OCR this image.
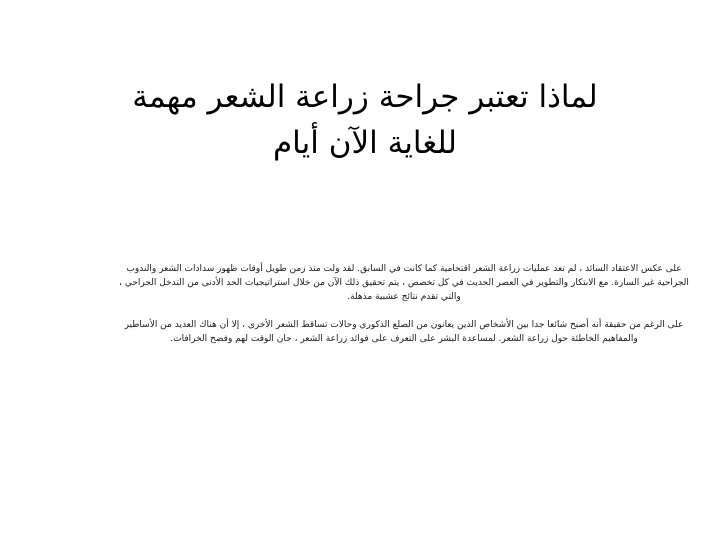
لماذا تعتبر جراحة زراعة الشعر مهمة
للغاية الآن أيام

على عكس الاعتقاد السائد ، لم تعد عمليات زراعة الشعر اقتحامية كما كانت في السابق. لقد ولت منذ زمن طويل أوقات ظهور سدادات الشعر والندوب الجراحية غير السارة. مع الابتكار والتطوير في العصر الحديث في كل تخصص ، يتم تحقيق ذلك الآن من خلال استراتيجيات الحد الأدنى من التدخل الجراحي ، والتي تقدم نتائج عشبية مذهلة.

على الرغم من حقيقة أنه أصبح شائعا جدا بين الأشخاص الذين يعانون من الصلع الذكوري وحالات تساقط الشعر الأخرى ، إلا أن هناك العديد من الأساطير والمفاهيم الخاطئة حول زراعة الشعر. لمساعدة البشر على التعرف على فوائد زراعة الشعر ، حان الوقت لهم وفضح الخرافات.
